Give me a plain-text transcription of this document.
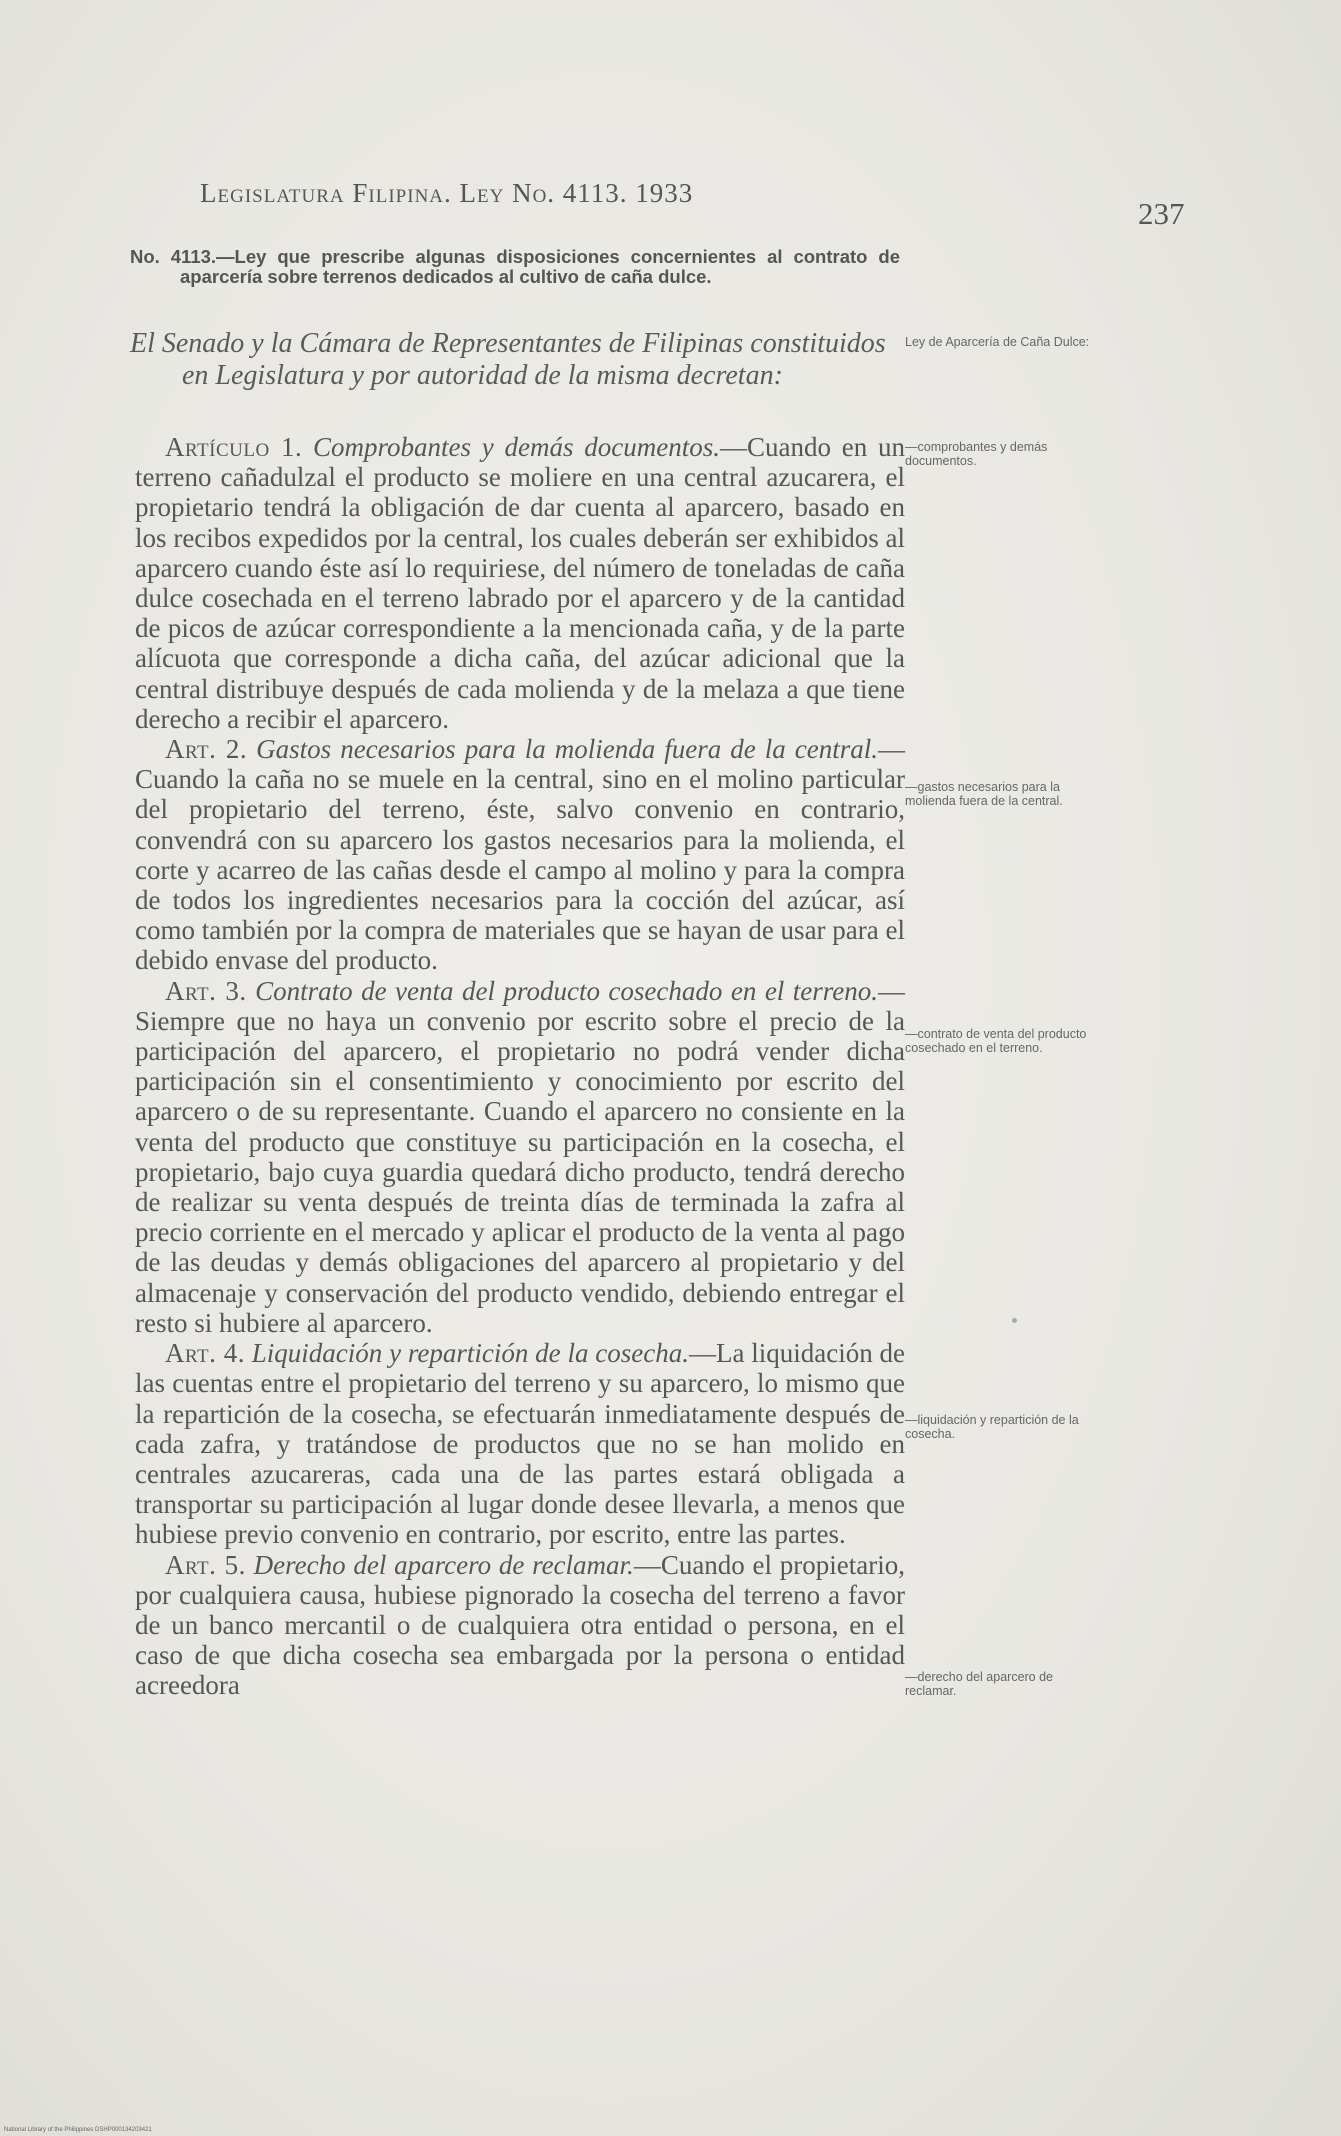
Legislatura Filipina. Ley No. 4113. 1933
237
No. 4113.—Ley que prescribe algunas disposiciones concernientes al contrato de aparcería sobre terrenos dedicados al cultivo de caña dulce.
El Senado y la Cámara de Representantes de Filipinas constituidos en Legislatura y por autoridad de la misma decretan:
Ley de Aparcería de Caña Dulce:
—comprobantes y demás documentos.
—gastos necesarios para la molienda fuera de la central.
—contrato de venta del producto cosechado en el terreno.
—liquidación y repartición de la cosecha.
—derecho del aparcero de reclamar.

Artículo 1. Comprobantes y demás documentos.—Cuando en un terreno cañadulzal el producto se moliere en una central azucarera, el propietario tendrá la obligación de dar cuenta al aparcero, basado en los recibos expedidos por la central, los cuales deberán ser exhibidos al aparcero cuando éste así lo requiriese, del número de toneladas de caña dulce cosechada en el terreno labrado por el aparcero y de la cantidad de picos de azúcar correspondiente a la mencionada caña, y de la parte alícuota que corresponde a dicha caña, del azúcar adicional que la central distribuye después de cada molienda y de la melaza a que tiene derecho a recibir el aparcero.

Art. 2. Gastos necesarios para la molienda fuera de la central.—Cuando la caña no se muele en la central, sino en el molino particular del propietario del terreno, éste, salvo convenio en contrario, convendrá con su aparcero los gastos necesarios para la molienda, el corte y acarreo de las cañas desde el campo al molino y para la compra de todos los ingredientes necesarios para la cocción del azúcar, así como también por la compra de materiales que se hayan de usar para el debido envase del producto.

Art. 3. Contrato de venta del producto cosechado en el terreno.—Siempre que no haya un convenio por escrito sobre el precio de la participación del aparcero, el propietario no podrá vender dicha participación sin el consentimiento y conocimiento por escrito del aparcero o de su representante. Cuando el aparcero no consiente en la venta del producto que constituye su participación en la cosecha, el propietario, bajo cuya guardia quedará dicho producto, tendrá derecho de realizar su venta después de treinta días de terminada la zafra al precio corriente en el mercado y aplicar el producto de la venta al pago de las deudas y demás obligaciones del aparcero al propietario y del almacenaje y conservación del producto vendido, debiendo entregar el resto si hubiere al aparcero.

Art. 4. Liquidación y repartición de la cosecha.—La liquidación de las cuentas entre el propietario del terreno y su aparcero, lo mismo que la repartición de la cosecha, se efectuarán inmediatamente después de cada zafra, y tratándose de productos que no se han molido en centrales azucareras, cada una de las partes estará obligada a transportar su participación al lugar donde desee llevarla, a menos que hubiese previo convenio en contrario, por escrito, entre las partes.

Art. 5. Derecho del aparcero de reclamar.—Cuando el propietario, por cualquiera causa, hubiese pignorado la cosecha del terreno a favor de un banco mercantil o de cualquiera otra entidad o persona, en el caso de que dicha cosecha sea embargada por la persona o entidad acreedora

National Library of the Philippines DSHP000134203421
